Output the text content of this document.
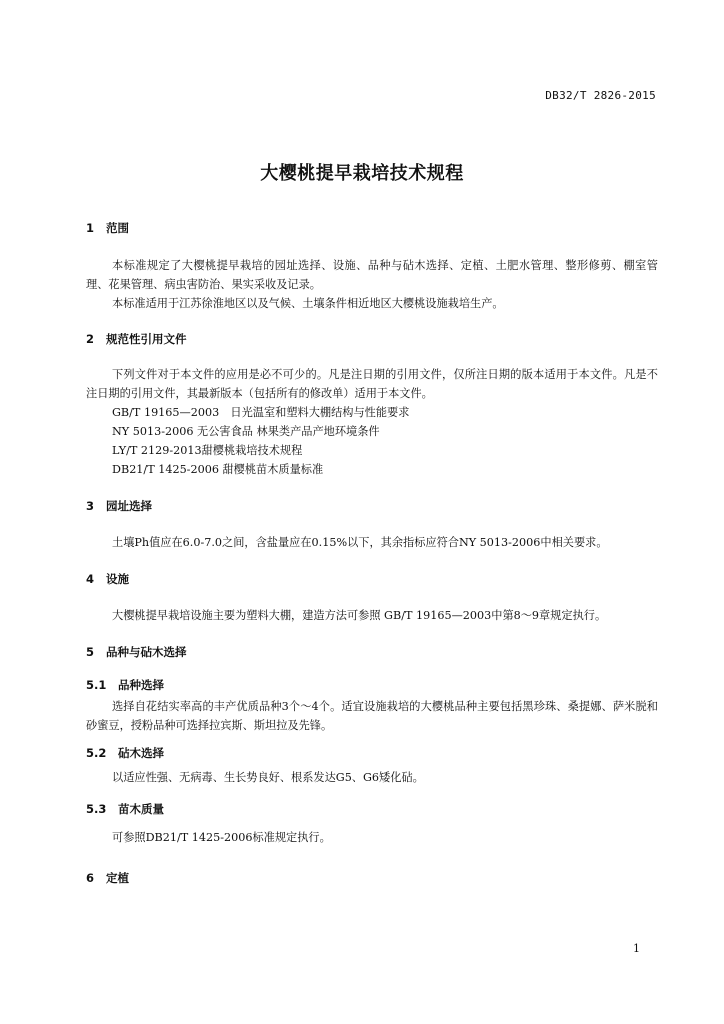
DB32/T 2826-2015
大樱桃提早栽培技术规程
1 范围

本标准规定了大樱桃提早栽培的园址选择、设施、品种与砧木选择、定植、土肥水管理、整形修剪、棚室管理、花果管理、病虫害防治、果实采收及记录。

本标准适用于江苏徐淮地区以及气候、土壤条件相近地区大樱桃设施栽培生产。

2 规范性引用文件

下列文件对于本文件的应用是必不可少的。凡是注日期的引用文件，仅所注日期的版本适用于本文件。凡是不注日期的引用文件，其最新版本（包括所有的修改单）适用于本文件。

GB/T 19165—2003　日光温室和塑料大棚结构与性能要求

NY 5013-2006 无公害食品 林果类产品产地环境条件

LY/T 2129-2013甜樱桃栽培技术规程

DB21/T 1425-2006 甜樱桃苗木质量标准

3 园址选择

土壤Ph值应在6.0-7.0之间，含盐量应在0.15%以下，其余指标应符合NY 5013-2006中相关要求。

4 设施

大樱桃提早栽培设施主要为塑料大棚，建造方法可参照 GB/T 19165—2003中第8～9章规定执行。

5 品种与砧木选择
5.1 品种选择

选择自花结实率高的丰产优质品种3个～4个。适宜设施栽培的大樱桃品种主要包括黑珍珠、桑提娜、萨米脱和砂蜜豆，授粉品种可选择拉宾斯、斯坦拉及先锋。

5.2 砧木选择

以适应性强、无病毒、生长势良好、根系发达G5、G6矮化砧。

5.3 苗木质量

可参照DB21/T 1425-2006标准规定执行。

6 定植
1
